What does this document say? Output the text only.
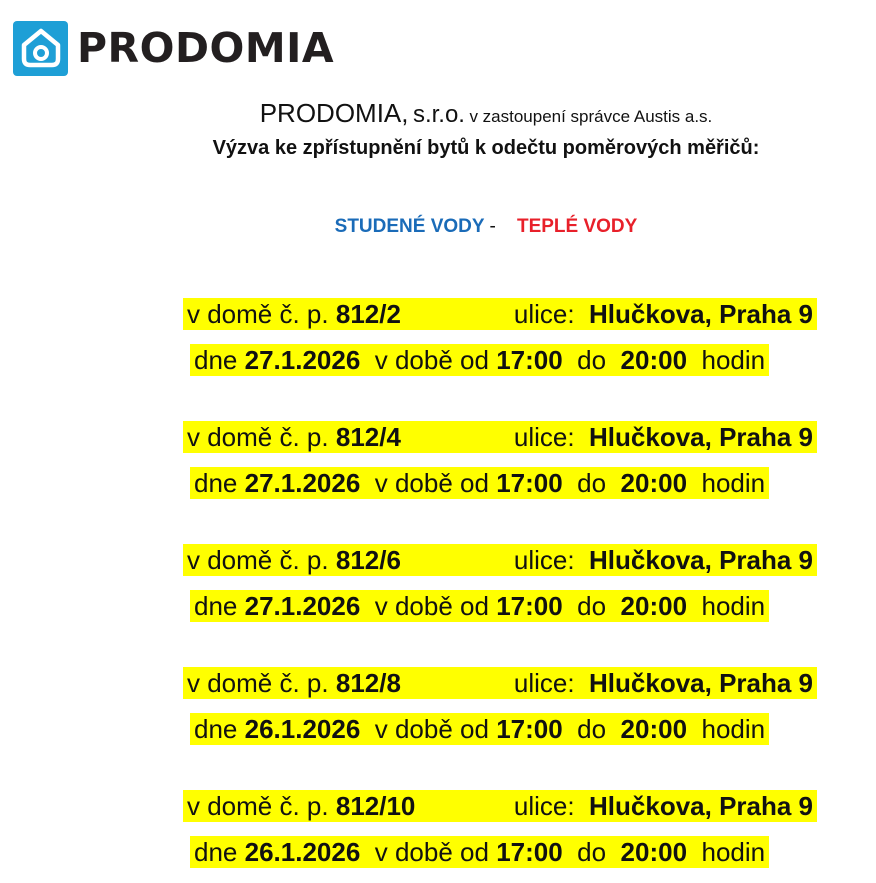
PRODOMIA
PRODOMIA, s.r.o. v zastoupení správce Austis a.s.
Výzva ke zpřístupnění bytů k odečtu poměrových měřičů:
STUDENÉ VODY - TEPLÉ VODY
v domě č. p. 812/2	ulice: Hlučkova, Praha 9
dne 27.1.2026 v době od 17:00 do 20:00 hodin
v domě č. p. 812/4	ulice: Hlučkova, Praha 9
dne 27.1.2026 v době od 17:00 do 20:00 hodin
v domě č. p. 812/6	ulice: Hlučkova, Praha 9
dne 27.1.2026 v době od 17:00 do 20:00 hodin
v domě č. p. 812/8	ulice: Hlučkova, Praha 9
dne 26.1.2026 v době od 17:00 do 20:00 hodin
v domě č. p. 812/10	ulice: Hlučkova, Praha 9
dne 26.1.2026 v době od 17:00 do 20:00 hodin
